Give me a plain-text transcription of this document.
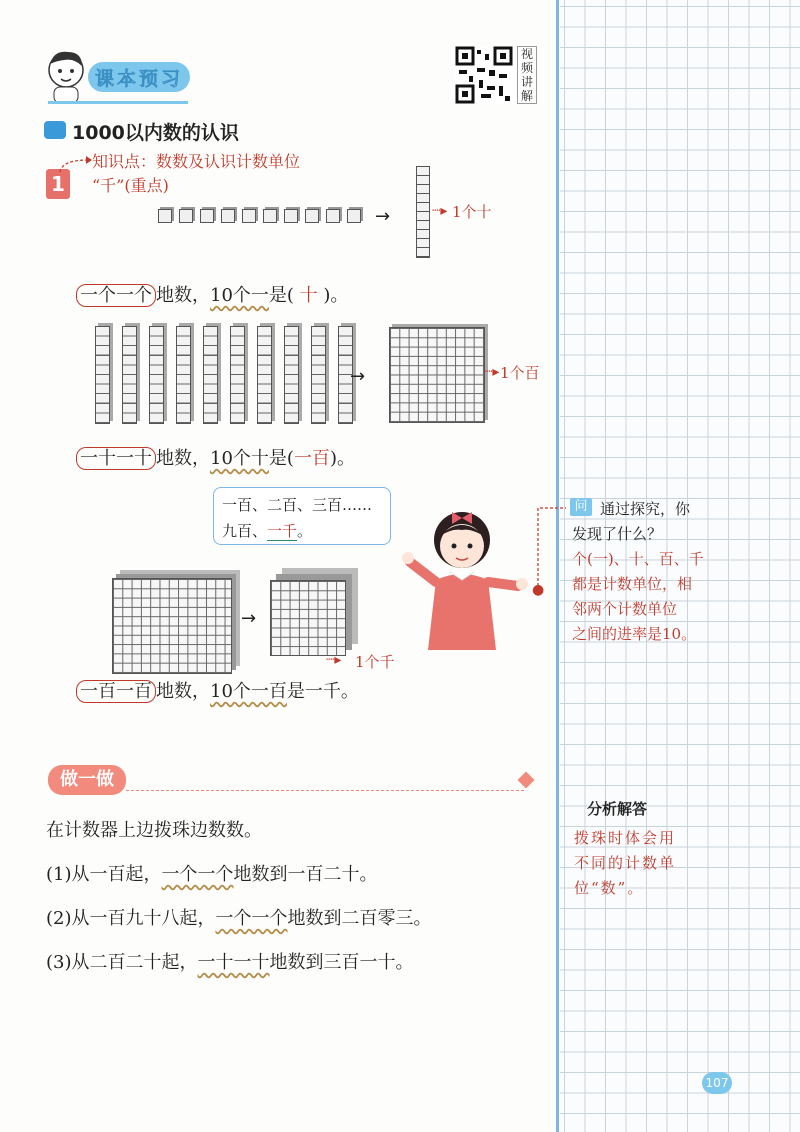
课本预习
视
频
讲
解
1000以内数的认识
1
知识点：数数及认识计数单位
“千”(重点)
→	┈▸ 1个十
一个一个 地数，10个一是( 十 )。
→	┈▸ 1个百
一十一十 地数，10个十是(一百)。
一百、二百、三百……
九百、一千。
●
问 通过探究，你
发现了什么？
个(一)、十、百、千
都是计数单位，相
邻两个计数单位
之间的进率是10。
→
┈▸ 1个千
一百一百 地数，10个一百是一千。
做一做
在计数器上边拨珠边数数。
(1)从一百起，一个一个地数到一百二十。
(2)从一百九十八起，一个一个地数到二百零三。
(3)从二百二十起，一十一十地数到三百一十。
分析解答
拨珠时体会用
不同的计数单
位“数”。
107
